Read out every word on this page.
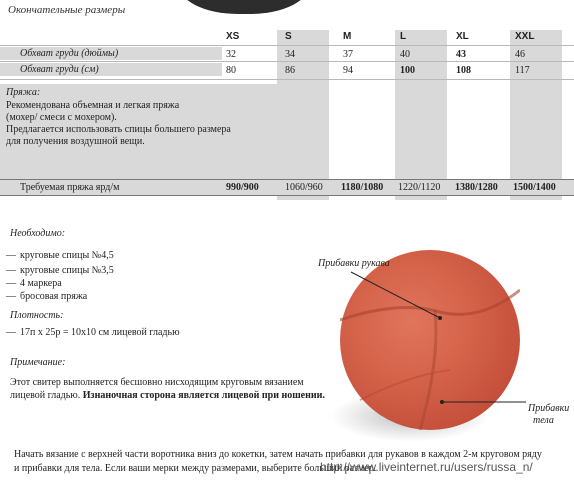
Окончательные размеры
XS	S	M	L	XL	XXL
Обхват груди (дюймы)	32	34	37	40	43	46
Обхват груди (см)	80	86	94	100	108	117
Пряжа:
Рекомендована объемная и легкая пряжа
(мохер/ смеси с мохером).
Предлагается использовать спицы большего размера
для получения воздушной вещи.
Требуемая пряжа ярд/м	990/900	1060/960 1180/1080 1220/1120 1380/1280 1500/1400
Необходимо:
— круговые спицы №4,5
— круговые спицы №3,5
— 4 маркера
— бросовая пряжа
Плотность:
— 17п х 25р = 10х10 см лицевой гладью
Примечание:
Этот свитер выполняется бесшовно нисходящим круговым вязанием
лицевой гладью. Изнаночная сторона является лицевой при ношении.
Прибавки рукава
Прибавки
тела
Начать вязание с верхней части воротника вниз до кокетки, затем начать прибавки для рукавов в каждом 2-м круговом ряду
и прибавки для тела. Если ваши мерки между размерами, выберите больший размер.
http://www.liveinternet.ru/users/russa_n/
